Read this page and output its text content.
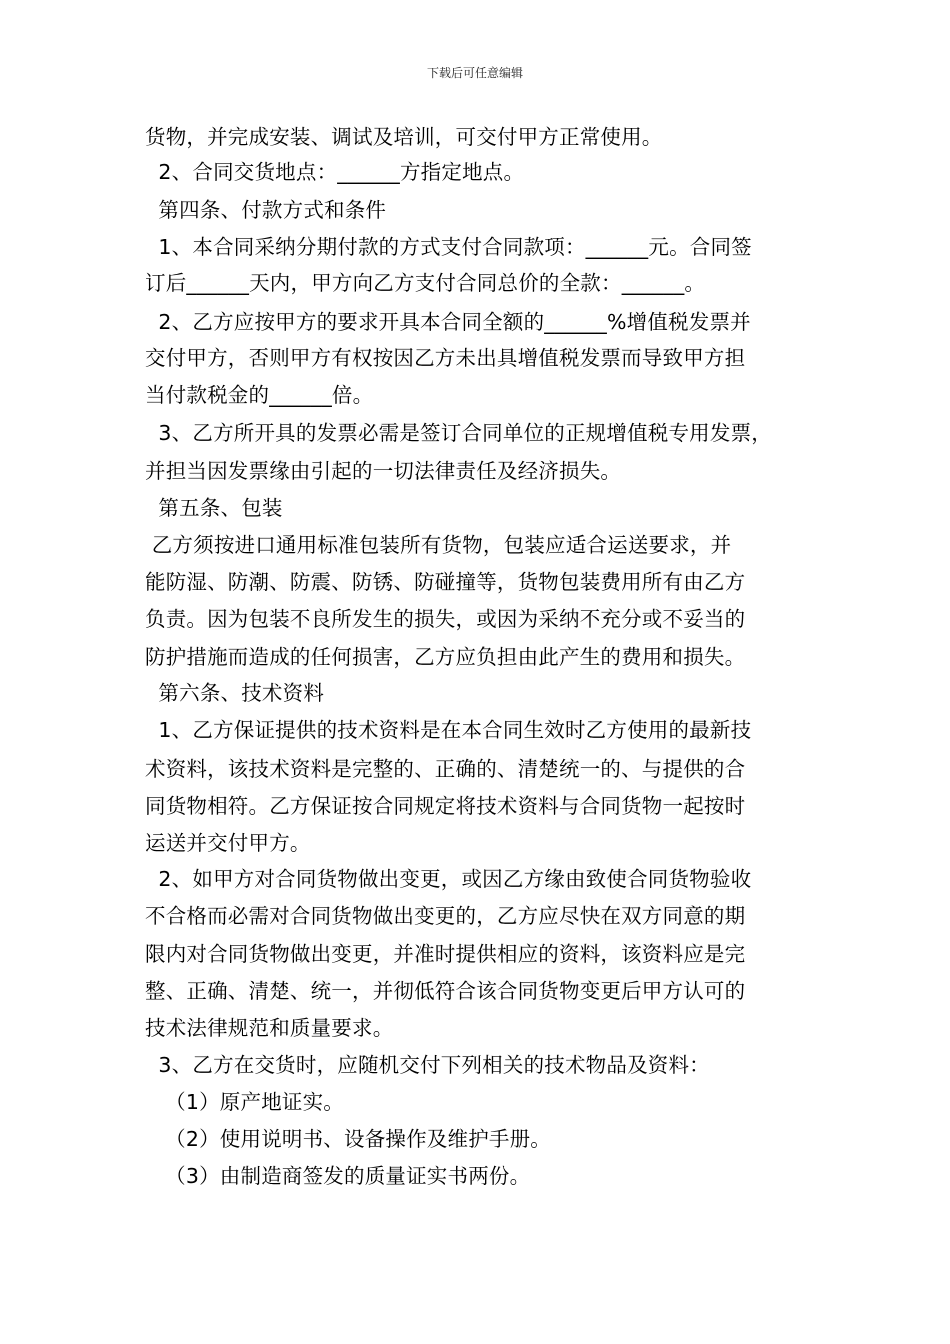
下载后可任意编辑
货物，并完成安装、调试及培训，可交付甲方正常使用。
2、合同交货地点：______方指定地点。
第四条、付款方式和条件
1、本合同采纳分期付款的方式支付合同款项：______元。合同签
订后______天内，甲方向乙方支付合同总价的全款：______。
2、乙方应按甲方的要求开具本合同全额的______%增值税发票并
交付甲方，否则甲方有权按因乙方未出具增值税发票而导致甲方担
当付款税金的______倍。
3、乙方所开具的发票必需是签订合同单位的正规增值税专用发票，
并担当因发票缘由引起的一切法律责任及经济损失。
第五条、包装
乙方须按进口通用标准包装所有货物，包装应适合运送要求，并
能防湿、防潮、防震、防锈、防碰撞等，货物包装费用所有由乙方
负责。因为包装不良所发生的损失，或因为采纳不充分或不妥当的
防护措施而造成的任何损害，乙方应负担由此产生的费用和损失。
第六条、技术资料
1、乙方保证提供的技术资料是在本合同生效时乙方使用的最新技
术资料，该技术资料是完整的、正确的、清楚统一的、与提供的合
同货物相符。乙方保证按合同规定将技术资料与合同货物一起按时
运送并交付甲方。
2、如甲方对合同货物做出变更，或因乙方缘由致使合同货物验收
不合格而必需对合同货物做出变更的，乙方应尽快在双方同意的期
限内对合同货物做出变更，并准时提供相应的资料，该资料应是完
整、正确、清楚、统一，并彻低符合该合同货物变更后甲方认可的
技术法律规范和质量要求。
3、乙方在交货时，应随机交付下列相关的技术物品及资料：
（1）原产地证实。
（2）使用说明书、设备操作及维护手册。
（3）由制造商签发的质量证实书两份。
